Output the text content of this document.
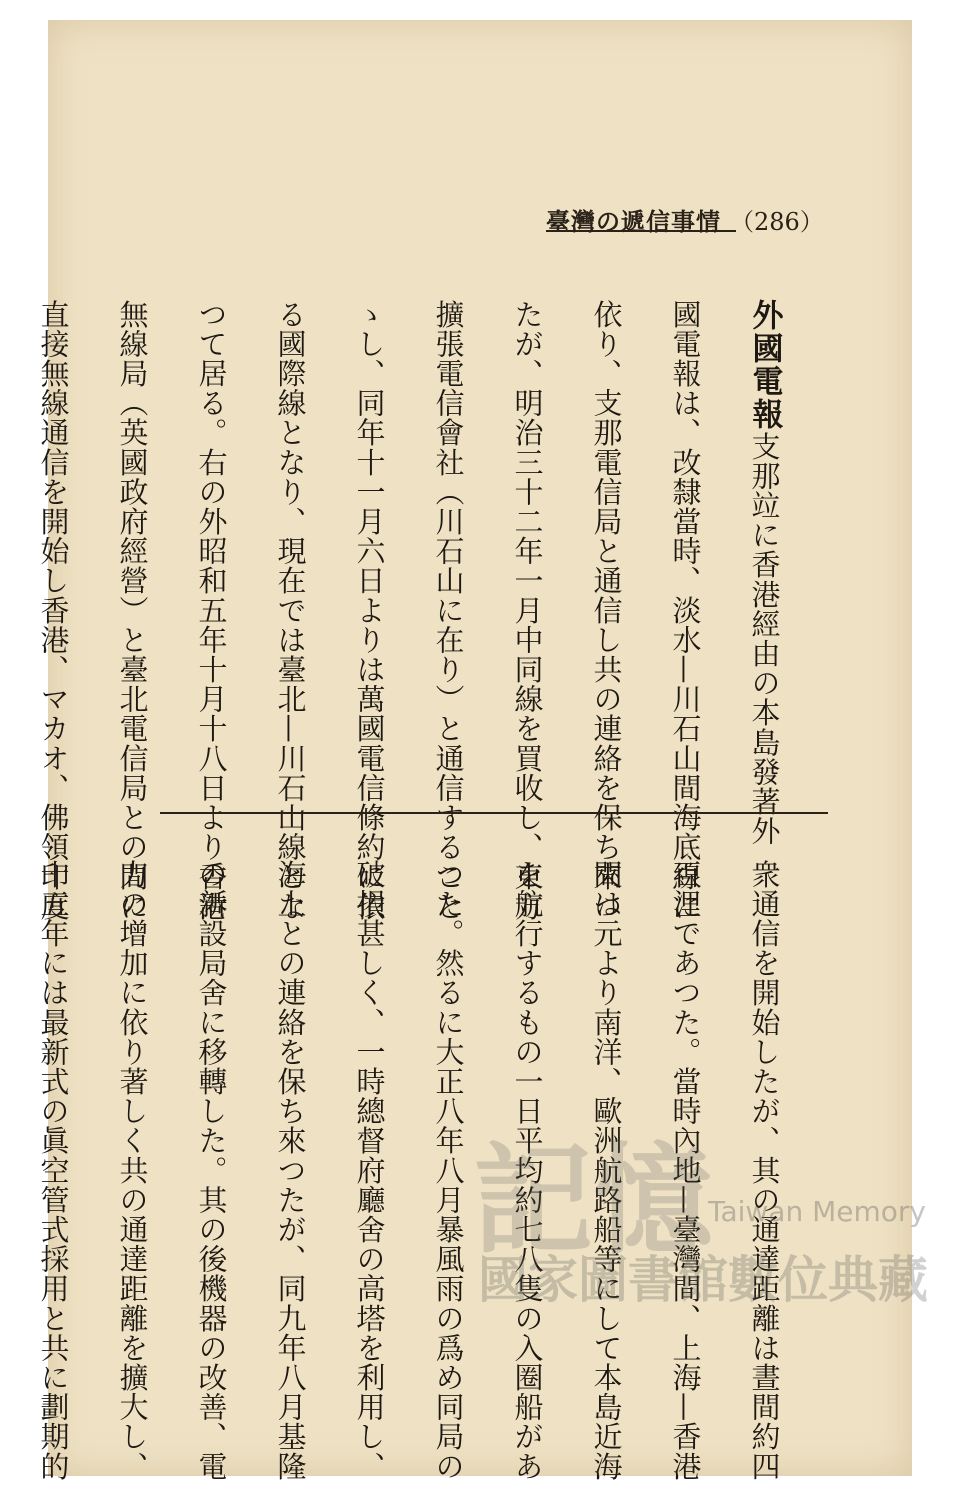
臺灣の遞信事情 （286）

外國電報支那竝に香港經由の本島發著外

國電報は、改隸當時、淡水—川石山間海底線に

依り、支那電信局と通信し共の連絡を保ち來つ

たが、明治三十二年一月中同線を買收し、東方

擴張電信會社（川石山に在り）と通信すること

ゝし、同年十一月六日よりは萬國電信條約に依

る國際線となり、現在では臺北—川石山線とな

つて居る。右の外昭和五年十月十八日より香港

無線局（英國政府經營）と臺北電信局との間に

直接無線通信を開始し香港、マカオ、佛領印度

衆通信を開始したが、其の通達距離は晝間約四

百浬であつた。當時內地—臺灣間、上海—香港

間は元より南洋、歐洲航路船等にして本島近海

を航行するもの一日平均約七八隻の入圈船があ

つた。然るに大正八年八月暴風雨の爲め同局の

破損甚しく、一時總督府廳舍の高塔を利用し、

海上との連絡を保ち來つたが、同九年八月基隆

の新設局舍に移轉した。其の後機器の改善、電

力の增加に依り著しく共の通達距離を擴大し、

十五年には最新式の眞空管式採用と共に劃期的

	記憶
Taiwan Memory
國家圖書館數位典藏
